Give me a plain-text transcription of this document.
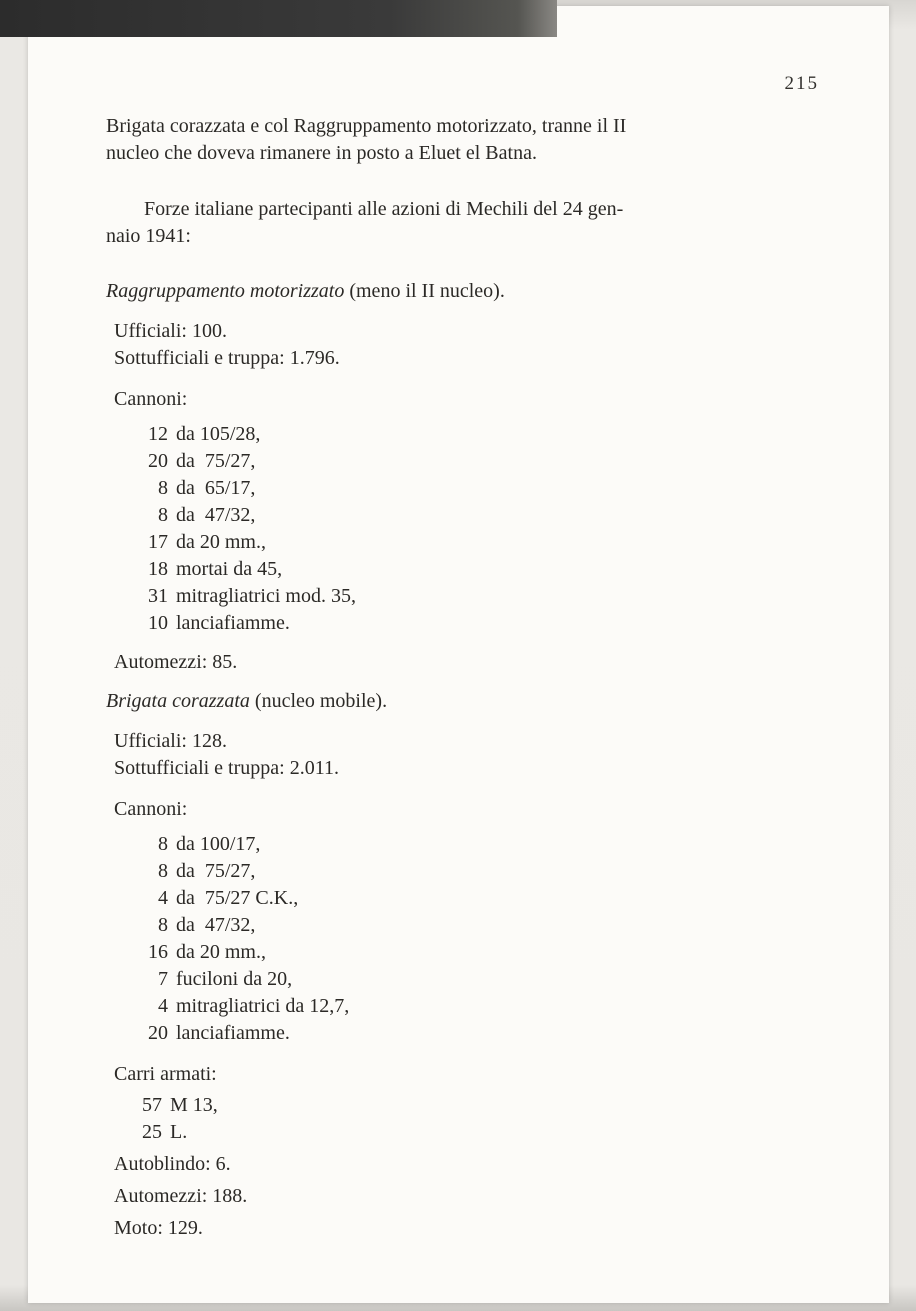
215
Brigata corazzata e col Raggruppamento motorizzato, tranne il II
nucleo che doveva rimanere in posto a Eluet el Batna.
Forze italiane partecipanti alle azioni di Mechili del 24 gen-
naio 1941:
Raggruppamento motorizzato (meno il II nucleo).
Ufficiali: 100.
Sottufficiali e truppa: 1.796.
Cannoni:
12 da 105/28,
20 da  75/27,
8 da  65/17,
8 da  47/32,
17 da 20 mm.,
18 mortai da 45,
31 mitragliatrici mod. 35,
10 lanciafiamme.
Automezzi: 85.
Brigata corazzata (nucleo mobile).
Ufficiali: 128.
Sottufficiali e truppa: 2.011.
Cannoni:
8 da 100/17,
8 da  75/27,
4 da  75/27 C.K.,
8 da  47/32,
16 da 20 mm.,
7 fuciloni da 20,
4 mitragliatrici da 12,7,
20 lanciafiamme.
Carri armati:
57 M 13,
25 L.
Autoblindo: 6.
Automezzi: 188.
Moto: 129.
